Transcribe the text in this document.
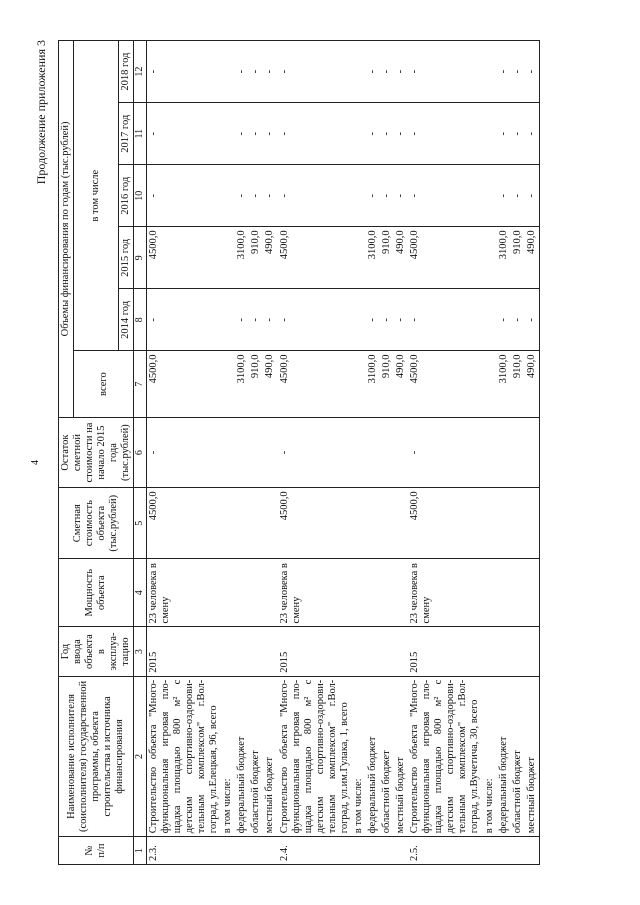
4
Продолжение приложения 3
№ п/п	Наименование исполнителя (соисполнителя) государственной программы, объекта строительства и источника финансирования	Год ввода объекта в эксплуа-тацию	Мощность объекта	Сметная стоимость объекта (тыс.рублей)	Остаток сметной стоимости на начало 2015 года (тыс.рублей)	Объемы финансирования по годам (тыс.рублей)					
						всего	в том числе				
							2014 год	2015 год	2016 год	2017 год	2018 год
1	2	3	4	5	6	7	8	9	10	11	12
2.3.	Строительство объекта "Много-функциональная игровая пло-щадка площадью 800 м² с детским спортивно-оздорови-тельным комплексом" г.Вол-гоград, ул.Елецкая, 96, всего	2015	23 человека в смену	4500,0	-	4500,0	-	4500,0	-	-	-
	в том числе:										
	федеральный бюджет					3100,0	-	3100,0	-	-	-
	областной бюджет					910,0	-	910,0	-	-	-
	местный бюджет					490,0	-	490,0	-	-	-
2.4.	Строительство объекта "Много-функциональная игровая пло-щадка площадью 800 м² с детским спортивно-оздорови-тельным комплексом" г.Вол-гоград, ул.им.Гулака, 1, всего	2015	23 человека в смену	4500,0	-	4500,0	-	4500,0	-	-	-
	в том числе:										
	федеральный бюджет					3100,0	-	3100,0	-	-	-
	областной бюджет					910,0	-	910,0	-	-	-
	местный бюджет					490,0	-	490,0	-	-	-
2.5.	Строительство объекта "Много-функциональная игровая пло-щадка площадью 800 м² с детским спортивно-оздорови-тельным комплексом" г.Вол-гоград, ул.Вучетича, 30, всего	2015	23 человека в смену	4500,0	-	4500,0	-	4500,0	-	-	-
	в том числе:										
	федеральный бюджет					3100,0	-	3100,0	-	-	-
	областной бюджет					910,0	-	910,0	-	-	-
	местный бюджет					490,0	-	490,0	-	-	-
